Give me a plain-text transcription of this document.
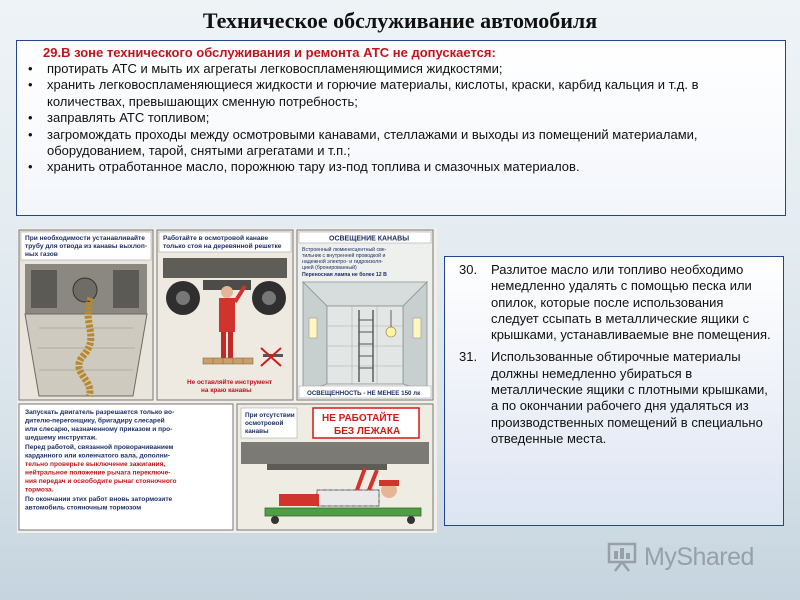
Техническое обслуживание автомобиля
29.В зоне технического обслуживания и ремонта АТС не допускается:
• протирать АТС и мыть их агрегаты легковоспламеняющимися жидкостями;
• хранить легковоспламеняющиеся жидкости и горючие материалы, кислоты, краски, карбид кальция и т.д. в количествах, превышающих сменную потребность;
• заправлять АТС топливом;
• загромождать проходы между осмотровыми канавами, стеллажами и выходы из помещений материалами, оборудованием, тарой, снятыми агрегатами и т.п.;
• хранить отработанное масло, порожнюю тару из-под топлива и смазочных материалов.
При необходимости устанавливайте
трубу для отвода из канавы выхлоп-
ных газов
Работайте в осмотровой канаве
только стоя на деревянной решетке
Не оставляйте инструмент
на краю канавы
ОСВЕЩЕНИЕ КАНАВЫ
Встроенный люминесцентный све-
тильник с внутренней проводкой и
надежной электро- и гидроизоля-
цией (бронированный)
Переносная лампа не более 12 В
ОСВЕЩЕННОСТЬ - НЕ МЕНЕЕ 150 лк
Запускать двигатель разрешается только во-
дителю-перегонщику, бригадиру слесарей
или слесарю, назначенному приказом и про-
шедшему инструктаж.
Перед работой, связанной проворачиванием
карданного или коленчатого вала, дополни-
тельно проверьте выключение зажигания,
нейтральное положение рычага переключе-
ния передач и освободите рычаг стояночного
тормоза.
По окончании этих работ вновь затормозите
автомобиль стояночным тормозом
При отсутствии
осмотровой
канавы
НЕ РАБОТАЙТЕ
БЕЗ ЛЕЖАКА
30. Разлитое масло или топливо необходимо немедленно удалять с помощью песка или опилок, которые после использования следует ссыпать в металлические ящики с крышками, устанавливаемые вне помещения.
31. Использованные обтирочные материалы должны немедленно убираться в металлические ящики с плотными крышками, а по окончании рабочего дня удаляться из производственных помещений в специально отведенные места.
MyShared
